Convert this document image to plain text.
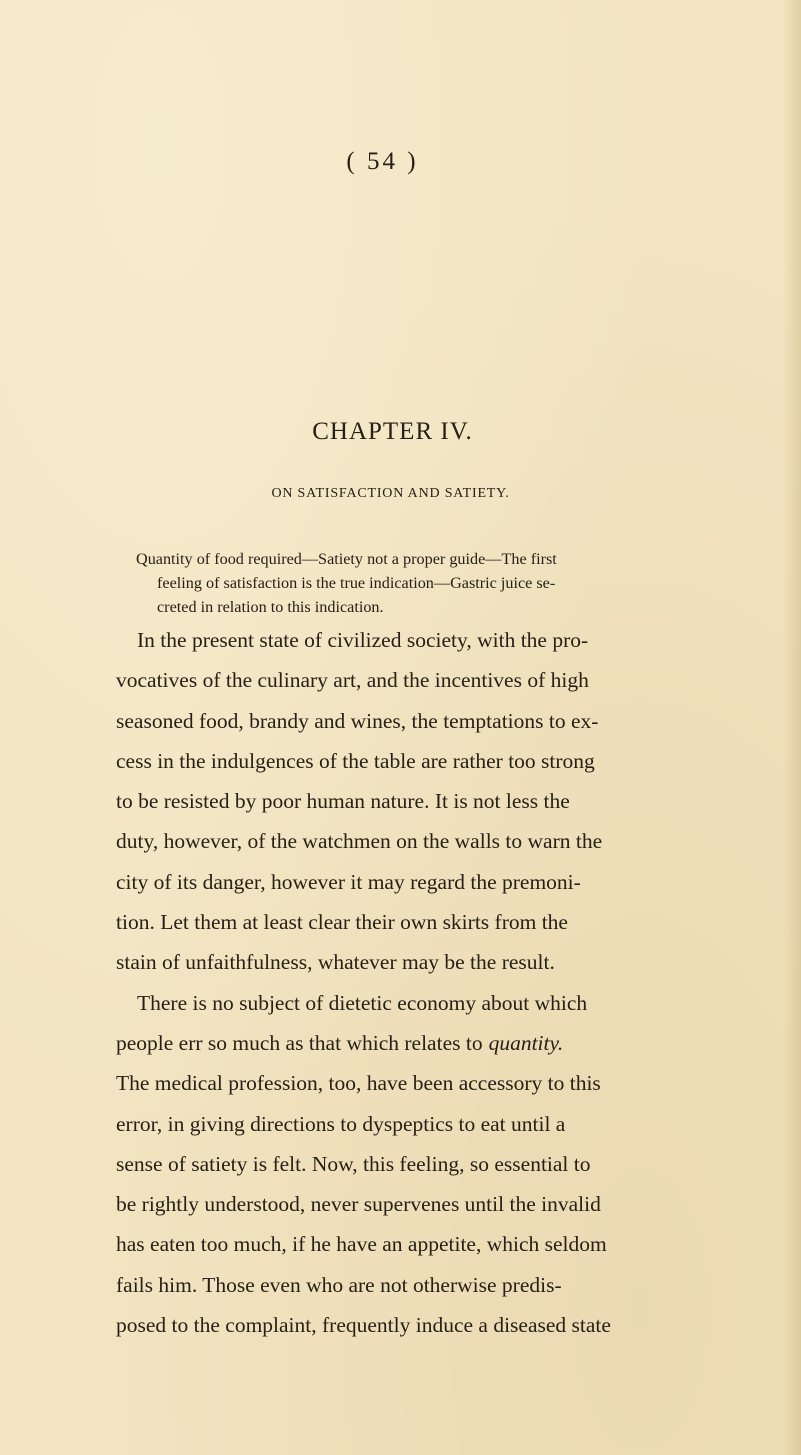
( 54 )
CHAPTER IV.
ON SATISFACTION AND SATIETY.
Quantity of food required—Satiety not a proper guide—The first
feeling of satisfaction is the true indication—Gastric juice se-
creted in relation to this indication.
In the present state of civilized society, with the pro-
vocatives of the culinary art, and the incentives of high
seasoned food, brandy and wines, the temptations to ex-
cess in the indulgences of the table are rather too strong
to be resisted by poor human nature. It is not less the
duty, however, of the watchmen on the walls to warn the
city of its danger, however it may regard the premoni-
tion. Let them at least clear their own skirts from the
stain of unfaithfulness, whatever may be the result.
There is no subject of dietetic economy about which
people err so much as that which relates to quantity.
The medical profession, too, have been accessory to this
error, in giving directions to dyspeptics to eat until a
sense of satiety is felt. Now, this feeling, so essential to
be rightly understood, never supervenes until the invalid
has eaten too much, if he have an appetite, which seldom
fails him. Those even who are not otherwise predis-
posed to the complaint, frequently induce a diseased state
